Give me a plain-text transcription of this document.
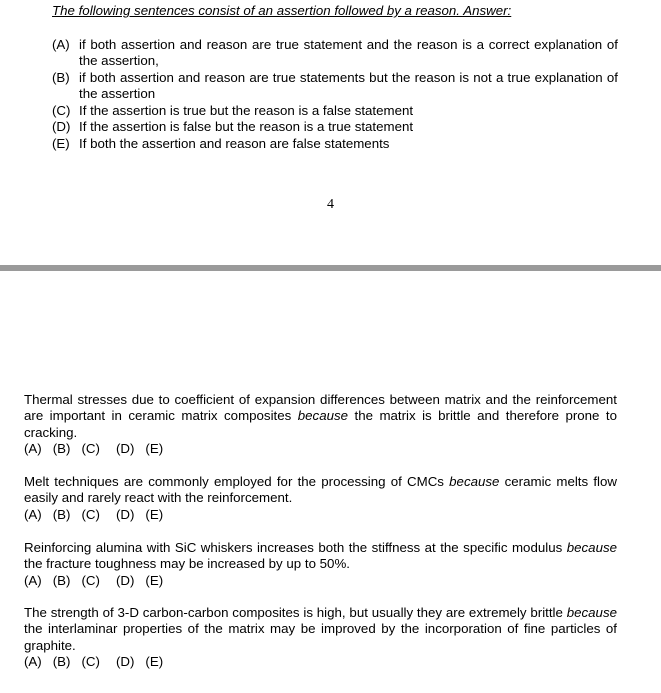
The following sentences consist of an assertion followed by a reason. Answer:
(A) if both assertion and reason are true statement and the reason is a correct explanation of the assertion,
(B) if both assertion and reason are true statements but the reason is not a true explanation of the assertion
(C) If the assertion is true but the reason is a false statement
(D) If the assertion is false but the reason is a true statement
(E) If both the assertion and reason are false statements
4
Thermal stresses due to coefficient of expansion differences between matrix and the reinforcement are important in ceramic matrix composites because the matrix is brittle and therefore prone to cracking.
(A) (B) (C) (D) (E)
Melt techniques are commonly employed for the processing of CMCs because ceramic melts flow easily and rarely react with the reinforcement.
(A) (B) (C) (D) (E)
Reinforcing alumina with SiC whiskers increases both the stiffness at the specific modulus because the fracture toughness may be increased by up to 50%.
(A) (B) (C) (D) (E)
The strength of 3-D carbon-carbon composites is high, but usually they are extremely brittle because the interlaminar properties of the matrix may be improved by the incorporation of fine particles of graphite.
(A) (B) (C) (D) (E)
